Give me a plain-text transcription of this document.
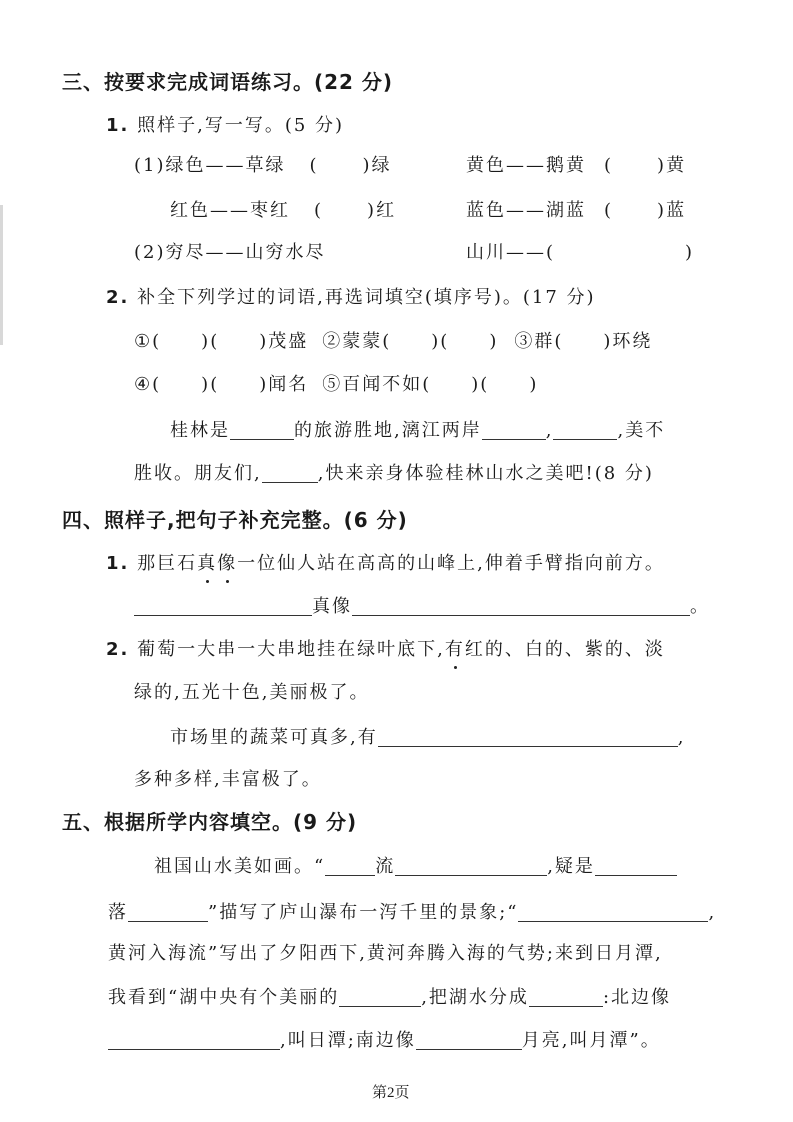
三、按要求完成词语练习。(22 分)
1. 照样子,写一写。(5 分)
(1)绿色——草绿 ( )绿	黄色——鹅黄 ( )黄
红色——枣红 ( )红	蓝色——湖蓝 ( )蓝
(2)穷尽——山穷水尽	山川——(	)
2. 补全下列学过的词语,再选词填空(填序号)。(17 分)
①( )( )茂盛 ②蒙蒙( )( ) ③群( )环绕
④( )( )闻名 ⑤百闻不如( )( )
桂林是	的旅游胜地,漓江两岸	,	,美不
胜收。朋友们,	,快来亲身体验桂林山水之美吧!(8 分)
四、照样子,把句子补充完整。(6 分)
1. 那巨石真像一位仙人站在高高的山峰上,伸着手臂指向前方。
真像	。
2. 葡萄一大串一大串地挂在绿叶底下,有红的、白的、紫的、淡
绿的,五光十色,美丽极了。
市场里的蔬菜可真多,有	,
多种多样,丰富极了。
五、根据所学内容填空。(9 分)
祖国山水美如画。“	流	,疑是
落	”描写了庐山瀑布一泻千里的景象;“	,
黄河入海流”写出了夕阳西下,黄河奔腾入海的气势;来到日月潭,
我看到“湖中央有个美丽的	,把湖水分成	:北边像
,叫日潭;南边像	月亮,叫月潭”。
第2页
